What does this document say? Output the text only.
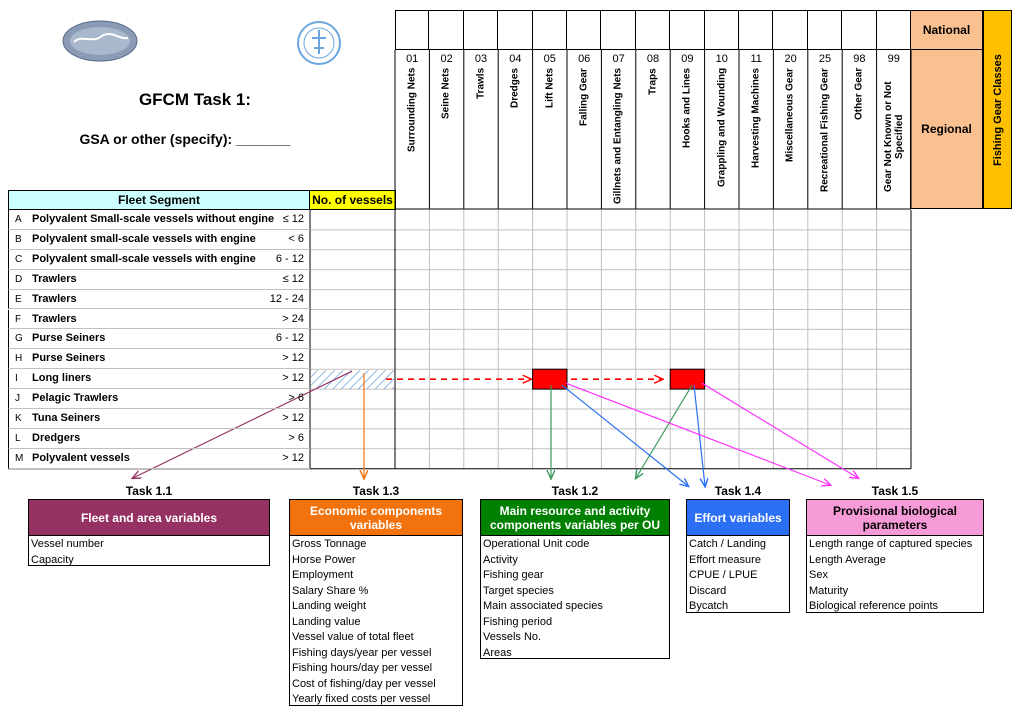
GFCM Task 1:
GSA or other (specify): _______
01
Surrounding Nets
02
Seine Nets
03
Trawls
04
Dredges
05
Lift Nets
06
Falling Gear
07
Gillnets and Entangling Nets
08
Traps
09
Hooks and Lines
10
Grappling and Wounding
11
Harvesting Machines
20
Miscellaneous Gear
25
Recreational Fishing Gear
98
Other Gear
99
Gear Not Known or Not Specified
National
Regional	Fishing Gear Classes
Fleet Segment	No. of vessels
A Polyvalent Small-scale vessels without engine ≤ 12
B Polyvalent small-scale vessels with engine	< 6
C Polyvalent small-scale vessels with engine 6 - 12
D Trawlers	≤ 12
E Trawlers	12 - 24
F Trawlers	> 24
G Purse Seiners	6 - 12
H Purse Seiners	> 12
I Long liners	> 12
J Pelagic Trawlers	> 6
K Tuna Seiners	> 12
L Dredgers	> 6
M Polyvalent vessels	> 12
Task 1.1
Fleet and area variables
Vessel number
Capacity
Task 1.3
Economic components variables
Gross Tonnage
Horse Power
Employment
Salary Share %
Landing weight
Landing value
Vessel value of total fleet
Fishing days/year per vessel
Fishing hours/day per vessel
Cost of fishing/day per vessel
Yearly fixed costs per vessel
Task 1.2
Main resource and activity components variables per OU
Operational Unit code
Activity
Fishing gear
Target species
Main associated species
Fishing period
Vessels No.
Areas
Task 1.4
Effort variables
Catch / Landing
Effort measure
CPUE / LPUE
Discard
Bycatch
Task 1.5
Provisional biological parameters
Length range of captured species
Length Average
Sex
Maturity
Biological reference points
